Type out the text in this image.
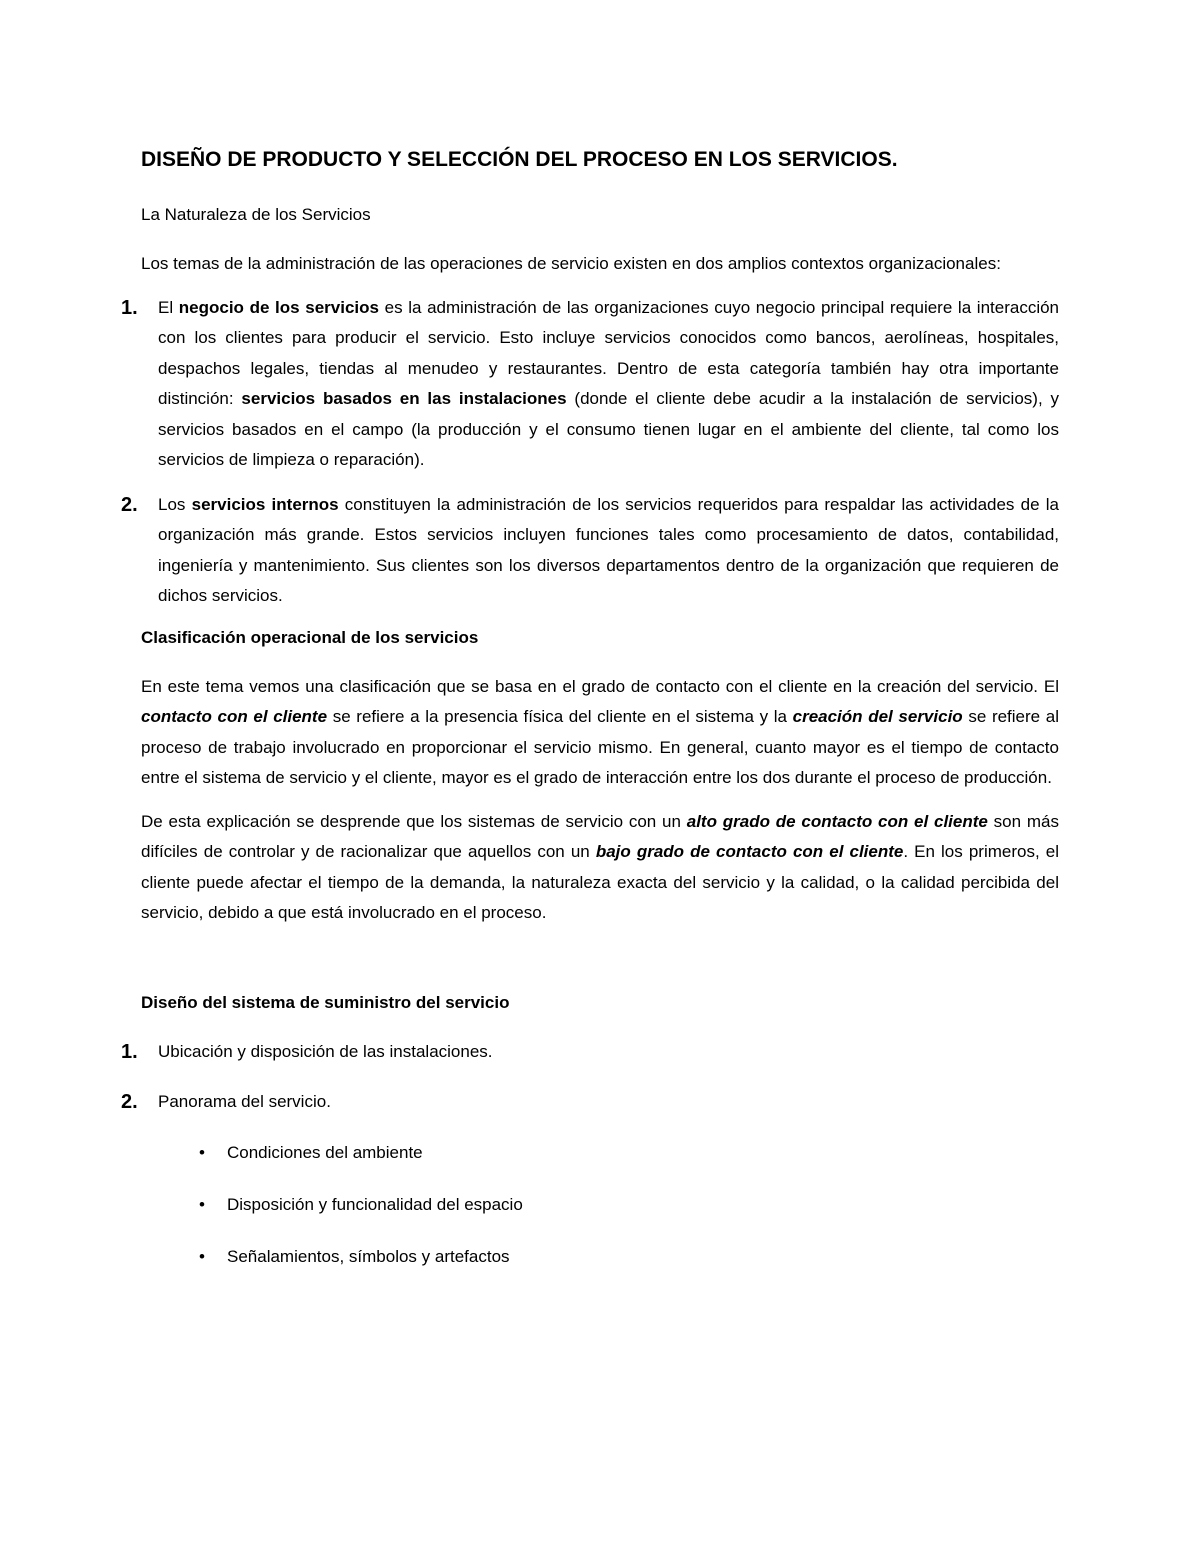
DISEÑO DE PRODUCTO Y SELECCIÓN DEL PROCESO EN LOS SERVICIOS.
La Naturaleza de los Servicios

Los temas de la administración de las operaciones de servicio existen en dos amplios contextos organizacionales:

1. El negocio de los servicios es la administración de las organizaciones cuyo negocio principal requiere la interacción con los clientes para producir el servicio. Esto incluye servicios conocidos como bancos, aerolíneas, hospitales, despachos legales, tiendas al menudeo y restaurantes. Dentro de esta categoría también hay otra importante distinción: servicios basados en las instalaciones (donde el cliente debe acudir a la instalación de servicios), y servicios basados en el campo (la producción y el consumo tienen lugar en el ambiente del cliente, tal como los servicios de limpieza o reparación).
2. Los servicios internos constituyen la administración de los servicios requeridos para respaldar las actividades de la organización más grande. Estos servicios incluyen funciones tales como procesamiento de datos, contabilidad, ingeniería y mantenimiento. Sus clientes son los diversos departamentos dentro de la organización que requieren de dichos servicios.
Clasificación operacional de los servicios

En este tema vemos una clasificación que se basa en el grado de contacto con el cliente en la creación del servicio. El contacto con el cliente se refiere a la presencia física del cliente en el sistema y la creación del servicio se refiere al proceso de trabajo involucrado en proporcionar el servicio mismo. En general, cuanto mayor es el tiempo de contacto entre el sistema de servicio y el cliente, mayor es el grado de interacción entre los dos durante el proceso de producción.

De esta explicación se desprende que los sistemas de servicio con un alto grado de contacto con el cliente son más difíciles de controlar y de racionalizar que aquellos con un bajo grado de contacto con el cliente. En los primeros, el cliente puede afectar el tiempo de la demanda, la naturaleza exacta del servicio y la calidad, o la calidad percibida del servicio, debido a que está involucrado en el proceso.

Diseño del sistema de suministro del servicio
1. Ubicación y disposición de las instalaciones.
2. Panorama del servicio.
• Condiciones del ambiente
• Disposición y funcionalidad del espacio
• Señalamientos, símbolos y artefactos
